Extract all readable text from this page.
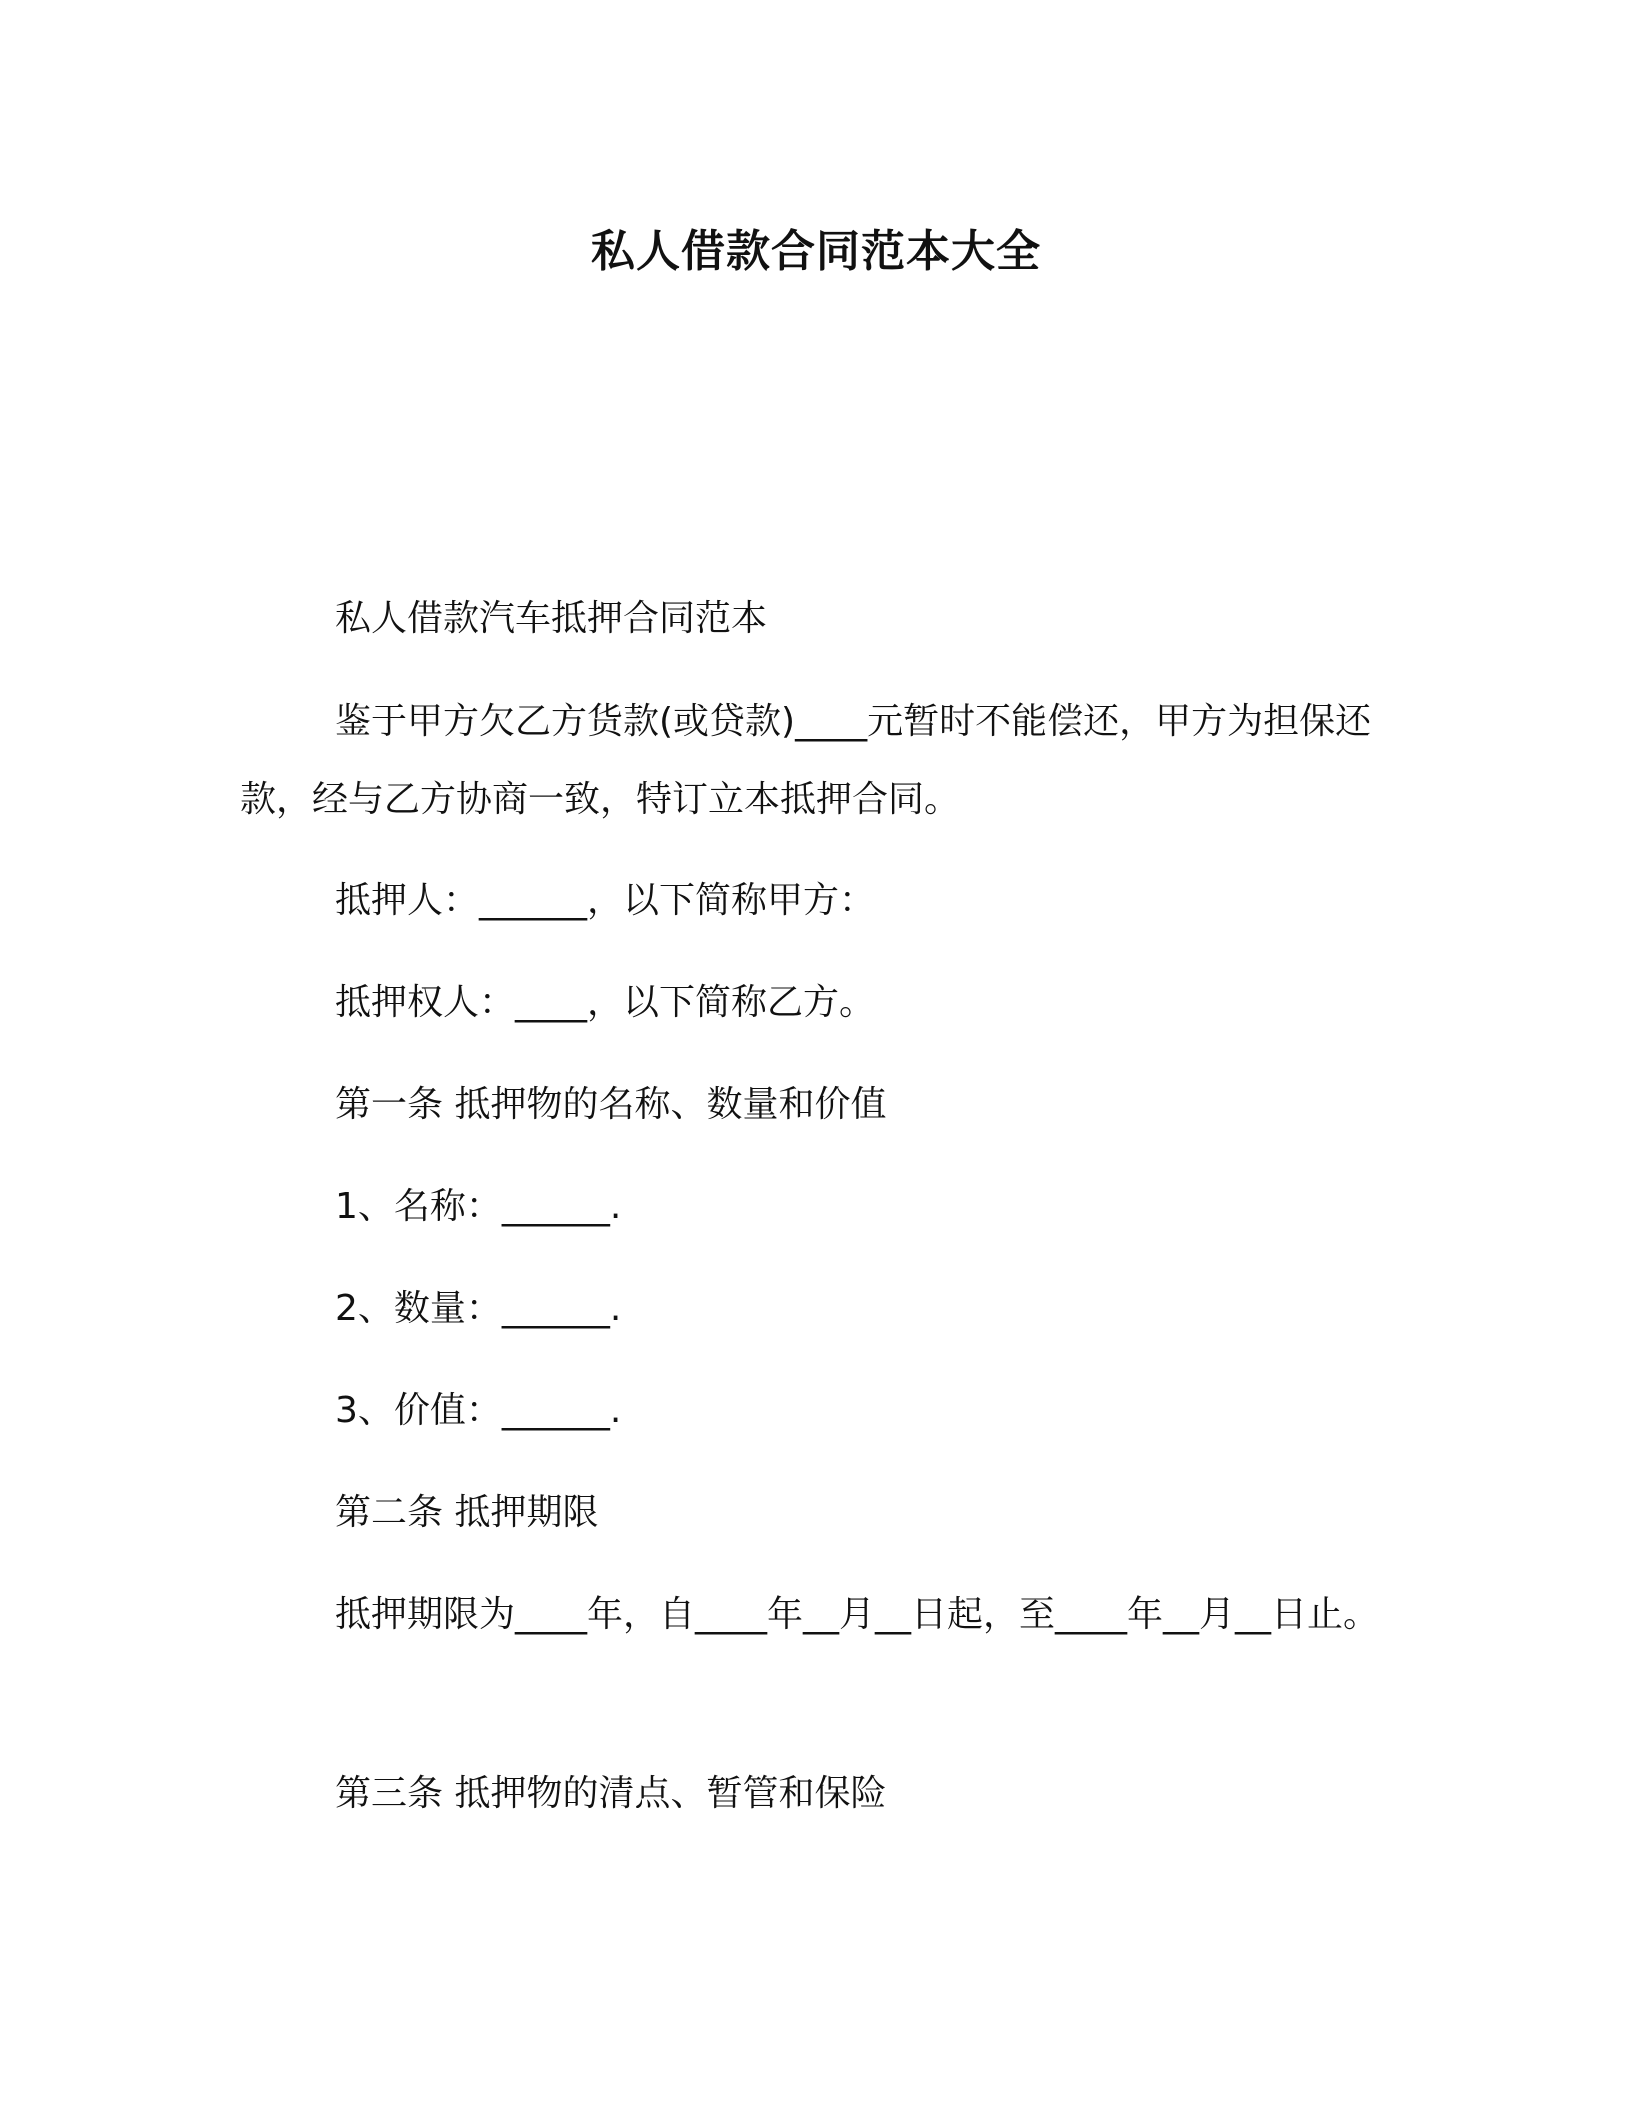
私人借款合同范本大全

私人借款汽车抵押合同范本

鉴于甲方欠乙方货款(或贷款)____元暂时不能偿还，甲方为担保还款，经与乙方协商一致，特订立本抵押合同。

抵押人：______，以下简称甲方：

抵押权人：____，以下简称乙方。

第一条 抵押物的名称、数量和价值

1、名称：______.

2、数量：______.

3、价值：______.

第二条 抵押期限

抵押期限为____年，自____年__月__日起，至____年__月__日止。

第三条 抵押物的清点、暂管和保险
